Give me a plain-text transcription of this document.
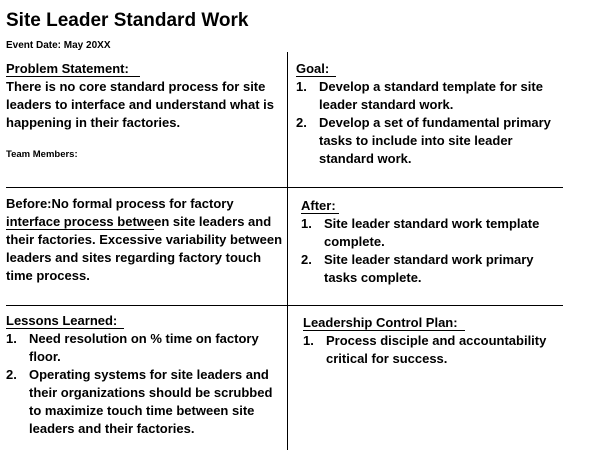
Site Leader Standard Work
Event Date: May 20XX
Problem Statement:
There is no core standard process for site leaders to interface and understand what is happening in their factories.
Team Members:
Goal:
1. Develop a standard template for site leader standard work.
2. Develop a set of fundamental primary tasks to include into site leader standard work.
Before:No formal process for factory interface process between site leaders and their factories. Excessive variability between leaders and sites regarding factory touch time process.
After:
1. Site leader standard work template complete.
2. Site leader standard work primary tasks complete.
Lessons Learned:
1. Need resolution on % time on factory floor.
2. Operating systems for site leaders and their organizations should be scrubbed to maximize touch time between site leaders and their factories.
Leadership Control Plan:
1. Process disciple and accountability critical for success.
